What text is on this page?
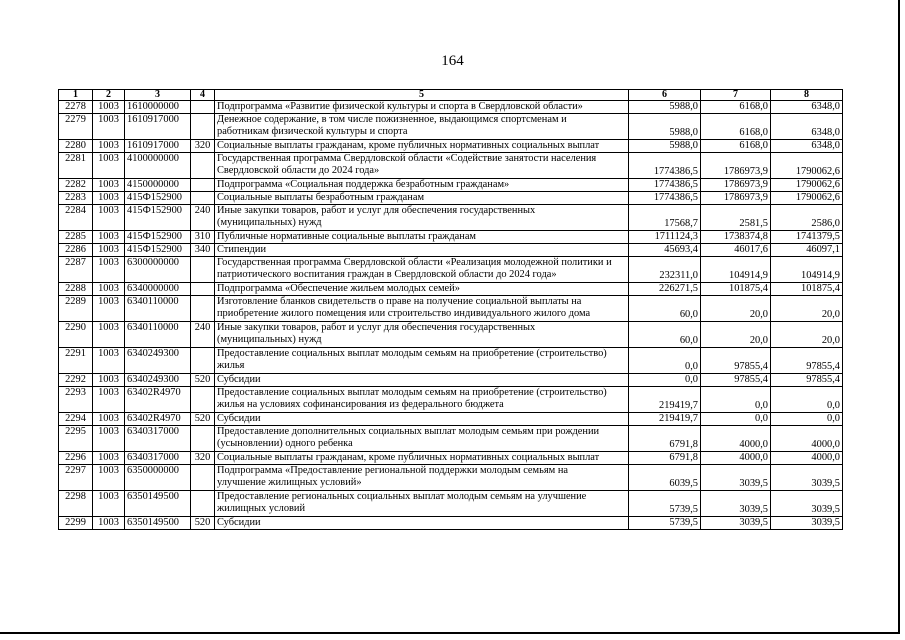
164
1	2	3	4	5	6	7	8
2278	1003	1610000000		Подпрограмма «Развитие физической культуры и спорта в Свердловской области»	5988,0	6168,0	6348,0
2279	1003	1610917000		Денежное содержание, в том числе пожизненное, выдающимся спортсменам и
работникам физической культуры и спорта	5988,0	6168,0	6348,0
2280	1003	1610917000	320	Социальные выплаты гражданам, кроме публичных нормативных социальных выплат	5988,0	6168,0	6348,0
2281	1003	4100000000		Государственная программа Свердловской области «Содействие занятости населения
Свердловской области до 2024 года»	1774386,5	1786973,9	1790062,6
2282	1003	4150000000		Подпрограмма «Социальная поддержка безработным гражданам»	1774386,5	1786973,9	1790062,6
2283	1003	415Ф152900		Социальные выплаты безработным гражданам	1774386,5	1786973,9	1790062,6
2284	1003	415Ф152900	240	Иные закупки товаров, работ и услуг для обеспечения государственных
(муниципальных) нужд	17568,7	2581,5	2586,0
2285	1003	415Ф152900	310	Публичные нормативные социальные выплаты гражданам	1711124,3	1738374,8	1741379,5
2286	1003	415Ф152900	340	Стипендии	45693,4	46017,6	46097,1
2287	1003	6300000000		Государственная программа Свердловской области «Реализация молодежной политики и
патриотического воспитания граждан в Свердловской области до 2024 года»	232311,0	104914,9	104914,9
2288	1003	6340000000		Подпрограмма «Обеспечение жильем молодых семей»	226271,5	101875,4	101875,4
2289	1003	6340110000		Изготовление бланков свидетельств о праве на получение социальной выплаты на
приобретение жилого помещения или строительство индивидуального жилого дома	60,0	20,0	20,0
2290	1003	6340110000	240	Иные закупки товаров, работ и услуг для обеспечения государственных
(муниципальных) нужд	60,0	20,0	20,0
2291	1003	6340249300		Предоставление социальных выплат молодым семьям на приобретение (строительство)
жилья	0,0	97855,4	97855,4
2292	1003	6340249300	520	Субсидии	0,0	97855,4	97855,4
2293	1003	63402R4970		Предоставление социальных выплат молодым семьям на приобретение (строительство)
жилья на условиях софинансирования из федерального бюджета	219419,7	0,0	0,0
2294	1003	63402R4970	520	Субсидии	219419,7	0,0	0,0
2295	1003	6340317000		Предоставление дополнительных социальных выплат молодым семьям при рождении
(усыновлении) одного ребенка	6791,8	4000,0	4000,0
2296	1003	6340317000	320	Социальные выплаты гражданам, кроме публичных нормативных социальных выплат	6791,8	4000,0	4000,0
2297	1003	6350000000		Подпрограмма «Предоставление региональной поддержки молодым семьям на
улучшение жилищных условий»	6039,5	3039,5	3039,5
2298	1003	6350149500		Предоставление региональных социальных выплат молодым семьям на улучшение
жилищных условий	5739,5	3039,5	3039,5
2299	1003	6350149500	520	Субсидии	5739,5	3039,5	3039,5
